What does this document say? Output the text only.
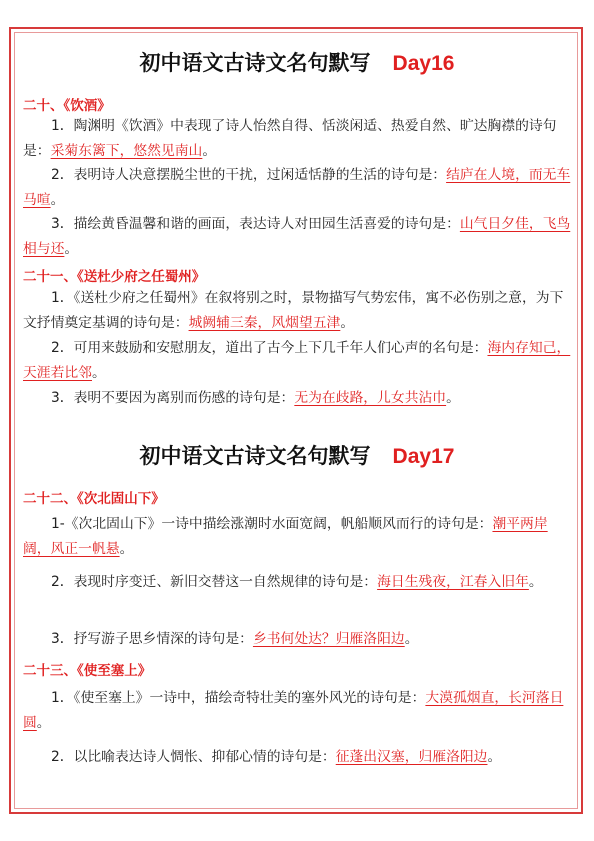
初中语文古诗文名句默写 Day16
二十、《饮酒》
1．陶渊明《饮酒》中表现了诗人怡然自得、恬淡闲适、热爱自然、旷达胸襟的诗句是：采菊东篱下，悠然见南山。
2．表明诗人决意摆脱尘世的干扰，过闲适恬静的生活的诗句是：结庐在人境，而无车马喧。
3．描绘黄昏温馨和谐的画面，表达诗人对田园生活喜爱的诗句是：山气日夕佳，飞鸟相与还。
二十一、《送杜少府之任蜀州》
1．《送杜少府之任蜀州》在叙将别之时，景物描写气势宏伟，寓不必伤别之意，为下文抒情奠定基调的诗句是：城阙辅三秦，风烟望五津。
2．可用来鼓励和安慰朋友，道出了古今上下几千年人们心声的名句是：海内存知己，天涯若比邻。
3．表明不要因为离别而伤感的诗句是：无为在歧路，儿女共沾巾。
初中语文古诗文名句默写 Day17
二十二、《次北固山下》
1-《次北固山下》一诗中描绘涨潮时水面宽阔，帆船顺风而行的诗句是：潮平两岸阔，风正一帆悬。
2．表现时序变迁、新旧交替这一自然规律的诗句是：海日生残夜，江春入旧年。
3．抒写游子思乡情深的诗句是：乡书何处达？归雁洛阳边。
二十三、《使至塞上》
1．《使至塞上》一诗中，描绘奇特壮美的塞外风光的诗句是：大漠孤烟直，长河落日圆。
2．以比喻表达诗人惆怅、抑郁心情的诗句是：征蓬出汉塞，归雁洛阳边。
